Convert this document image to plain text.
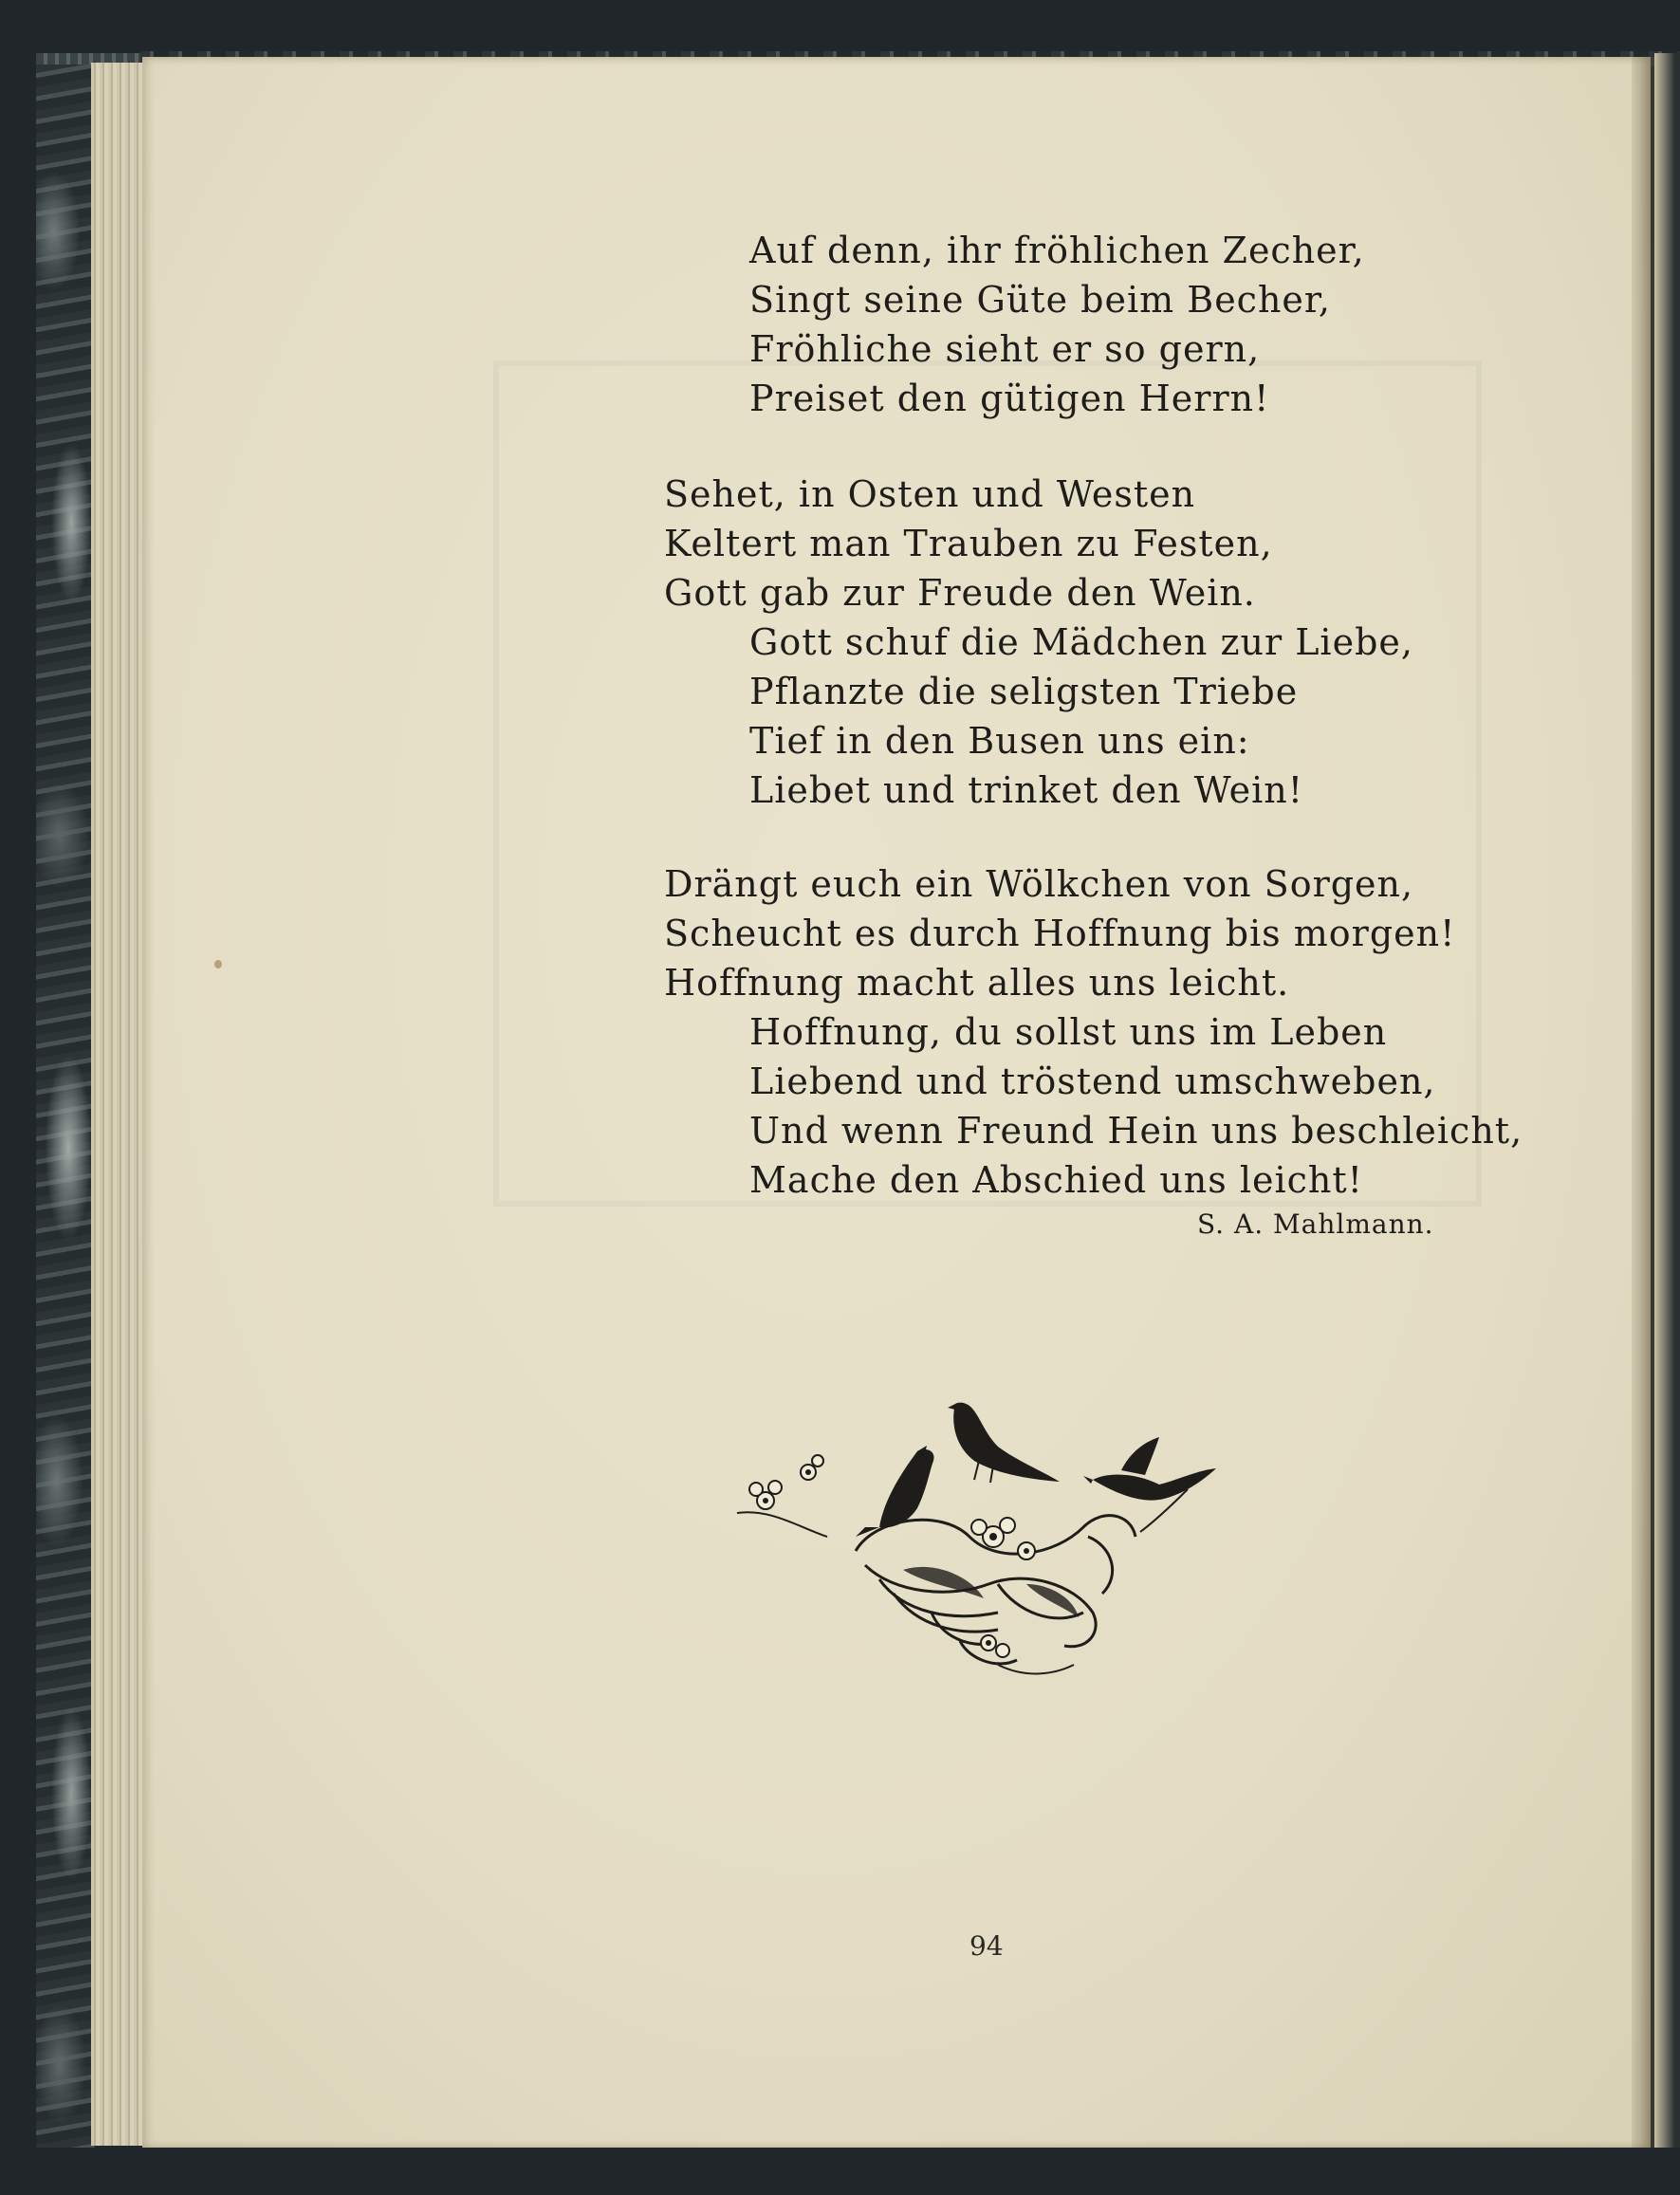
Auf denn, ihr fröhlichen Zecher,
Singt seine Güte beim Becher,
Fröhliche sieht er so gern,
Preiset den gütigen Herrn!
Sehet, in Osten und Westen
Keltert man Trauben zu Festen,
Gott gab zur Freude den Wein.
Gott schuf die Mädchen zur Liebe,
Pflanzte die seligsten Triebe
Tief in den Busen uns ein:
Liebet und trinket den Wein!
Drängt euch ein Wölkchen von Sorgen,
Scheucht es durch Hoffnung bis morgen!
Hoffnung macht alles uns leicht.
Hoffnung, du sollst uns im Leben
Liebend und tröstend umschweben,
Und wenn Freund Hein uns beschleicht,
Mache den Abschied uns leicht!
S. A. Mahlmann.
94
